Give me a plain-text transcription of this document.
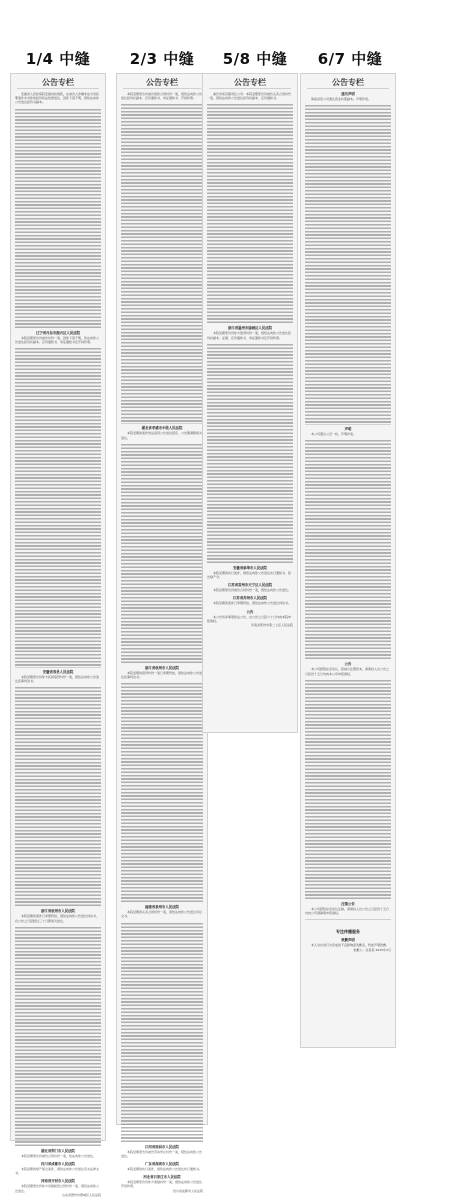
1/4 中缝
公告专栏
安徽省人民检察院安徽省检察院，在被告人涉嫌非法交易犯罪案件中对你的起诉依法依规送达，因你下落不明，现依法向你公告送达起诉书副本。
辽宁省丹东市振兴区人民法院
本院受理原告诉被告纠纷一案，因你下落不明，依法向你公告送达起诉状副本、应诉通知书、举证通知书及开庭传票。
安徽省寿县人民法院
本院受理原告诉你方民间借贷纠纷一案，现依法向你公告送达民事判决书。
浙江省杭州市人民法院
本院受理的案件已审理终结，现依法向你公告送达判决书，自公告之日起经过三十日即视为送达。
湖北省荆门市人民法院
本院受理原告诉被告合同纠纷一案，依法向你公告送达。
四川省成都市人民法院
本院受理的财产保全案件，现依法向你公告送达有关法律文书。
河南省开封市人民法院
本院受理原告诉你方房屋租赁合同纠纷一案，现依法向你公告送达。
山东省德州市德城区人民法院
2/3 中缝
公告专栏
本院受理原告诉被告借款合同纠纷一案，现依法向你公告送达起诉状副本、应诉通知书、举证通知书、开庭传票。
湖北省孝感市中级人民法院
本院受理的案件依法适用公告送达程序，公告期满即视为送达。
浙江省杭州市人民法院
本院受理的借贷纠纷一案已审理终结，现依法向你公告送达民事判决书。
福建省泉州市人民法院
本院受理的买卖合同纠纷一案，现依法向你公告送达诉讼文书。
江西省南昌市人民法院
本院受理原告诉被告劳动争议纠纷一案，现依法向你公告送达。
广东省深圳市人民法院
本院受理的执行案件，现依法向你公告送达执行通知书。
河北省石家庄市人民法院
本院受理原告诉你方离婚纠纷一案，现依法向你公告送达开庭传票。
四川省成都市人民法院
5/8 中缝
公告专栏
重庆市某有限责任公司：本院受理原告诉被告买卖合同纠纷一案，现依法向你公告送达起诉状副本、应诉通知书。
浙江省温州市鹿城区人民法院
本院受理原告诉你方借贷纠纷一案，现依法向你公告送达起诉状副本、证据、应诉通知书、举证通知书及开庭传票。
安徽省蚌埠市人民法院
本院受理的执行案件，现依法向你公告送达执行通知书、报告财产令。
江苏省常州市天宁区人民法院
本院受理原告诉被告合同纠纷一案，现依法向你公告送达。
江苏省苏州市人民法院
本院受理的案件已审理终结，现依法向你公告送达判决书。
公告
本公告所涉事项依法公告，自公告之日起六十日内向本院申报债权。
河南省郑州市第二七区人民法院
6/7 中缝
公告专栏
遗失声明
海南省某公司遗失营业执照副本，声明作废。
声明
本公司遗失公章一枚，声明作废。
公告
本公司经股东会决议，拟减少注册资本，请债权人自公告之日起四十五日内向本公司申报债权。
注销公告
本公司经股东会决议注销，请债权人自公告之日起四十五日内向公司清算组申报债权。
专注传播服务
致歉声明
本人对自身行为造成的不良影响深表歉意，特此声明致歉。
致歉人：张某某 2025年2月
